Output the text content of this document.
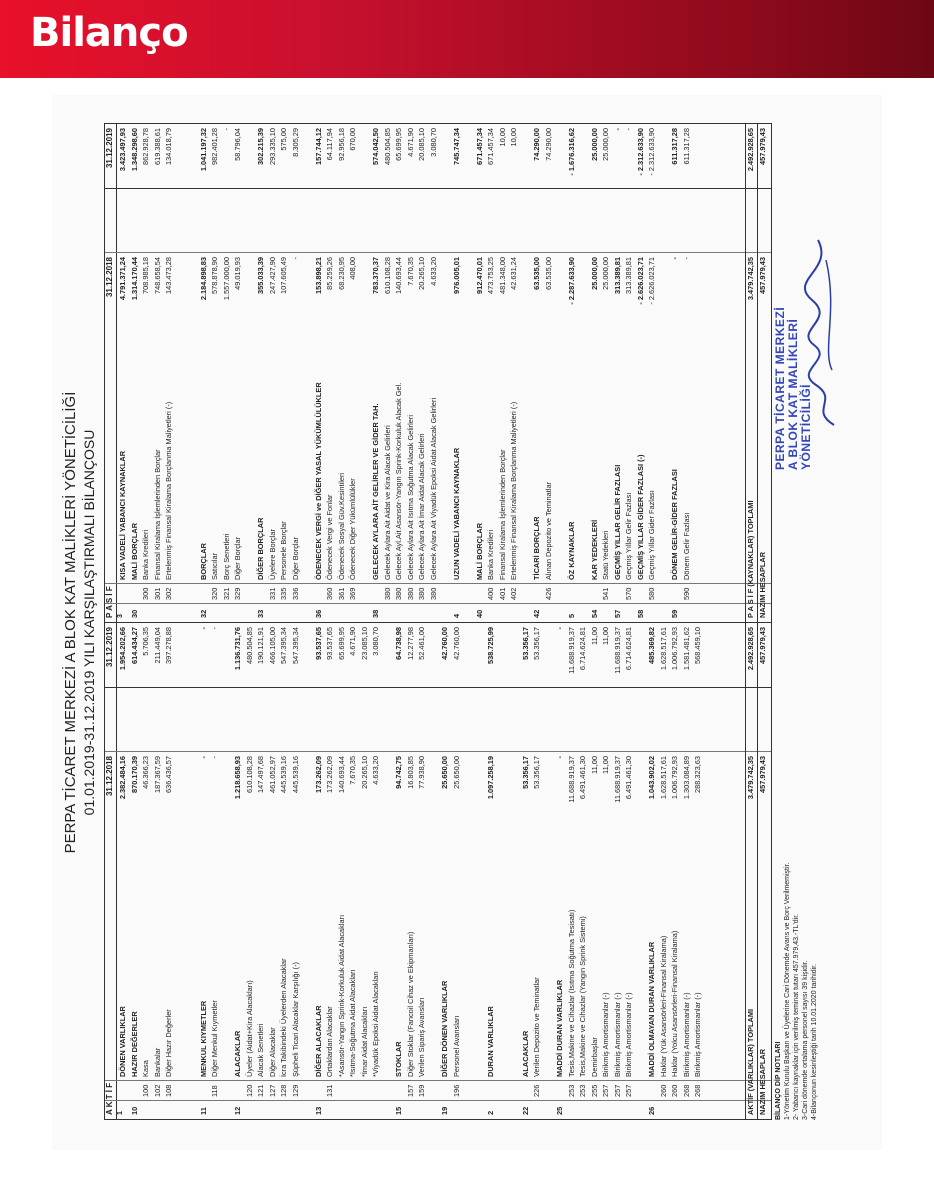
Bilanço
PERPA TİCARET MERKEZİ A BLOK KAT MALİKLERİ YÖNETİCİLİĞİ 01.01.2019-31.12.2019 YILI KARŞILAŞTIRMALI BİLANÇOSU
A K T İ F 1
31.12.2018
31.12.2019
DÖNEN VARLIKLAR
2.382.484,16
1.954.202,66
10
HAZIR DEĞERLER
870.170,39
614.434,27
100
Kasa
46.366,23
5.706,35
102
Bankalar
187.367,59
211.449,04
108
Diğer Hazır Değerler
636.436,57
397.278,88
11
MENKUL KIYMETLER
-
-
118
Diğer Menkul Kıymetler
-
-
12
ALACAKLAR
1.218.658,93
1.136.731,76
120
Üyeler (Aidat+Kira Alacakları)
610.108,28
480.504,85
121
Alacak Senetleri
147.497,68
190.121,91
127
Diğer Alacaklar
461.052,97
466.105,00
128
İcra Takibindeki Üyelerden Alacaklar
445.539,16
547.395,34
129
Şüpheli Ticari Alacaklar Karşılığı (-)
445.539,16
547.395,34
13
DİĞER ALACAKLAR
173.262,09
93.537,65
131
Ortaklardan Alacaklar
173.262,09
93.537,65
*Asansör-Yangın Sprink-Korkuluk Aidat Alacakları
140.693,44
65.699,95
*Isıtma-Soğutma Aidat Alacakları
7.670,35
4.671,90
*İmar Aidat Alacakları
20.265,10
23.085,10
*Viyadük Epoksi Aidat Alacakları
4.633,20
3.080,70
15
STOKLAR
94.742,75
64.738,98
157
Diğer Stoklar (Fancoil Cihaz ve Ekipmanları)
16.803,85
12.277,98
159
Verilen Sipariş Avansları
77.938,90
52.461,00
19
DİĞER DÖNEN VARLIKLAR
25.650,00
42.760,00
196
Personel Avansları
25.650,00
42.760,00
2
DURAN VARLIKLAR
1.097.258,19
538.725,99
22
ALACAKLAR
53.356,17
53.356,17
226
Verilen Depozito ve Teminatlar
53.356,17
53.356,17
25
MADDİ DURAN VARLIKLAR
-
-
253
Tesis,Makine ve Cihazlar (Isıtma Soğutma Tesisatı)
11.688.919,37
11.688.919,37
253
Tesis,Makine ve Cihazlar (Yangın Sprink Sistemi)
6.491.461,30
6.714.624,81
255
Demirbaşlar
11,00
11,00
257
Birikmiş Amortismanlar (-)
11,00
11,00
257
Birikmiş Amortismanlar (-)
11.688.919,37
11.688.919,37
257
Birikmiş Amortismanlar (-)
6.491.461,30
6.714.624,81
26
MADDİ OLMAYAN DURAN VARLIKLAR
1.043.902,02
485.369,82
260
Haklar (Yük Asansörleri-Finansal Kiralama)
1.628.517,61
1.628.517,61
260
Haklar (Yolcu Asansörleri-Finansal Kiralama)
1.006.792,93
1.006.792,93
268
Birikmiş Amortismanlar (-)
1.303.084,89
1.581.481,62
268
Birikmiş Amortismanlar (-)
288.323,63
568.459,10
AKTİF (VARLIKLAR) TOPLAMI
3.479.742,35
2.492.928,65
NAZIM HESAPLAR
457.979,43
457.979,43
P A S İ F 3
31.12.2018
31.12.2019
KISA VADELİ YABANCI KAYNAKLAR
4.791.371,24
3.423.497,93
30
MALİ BORÇLAR
1.314.170,44
1.348.298,60
300
Banka Kredileri
708.985,18
862.928,78
301
Finansal Kiralama İşlemlerinden Borçlar
748.658,54
619.388,61
302
Ertelenmiş Finansal Kiralama Borçlanma Maliyetleri (-)
143.473,28
134.018,79
32
BORÇLAR
2.184.898,83
1.041.197,32
320
Satıcılar
578.878,90
982.401,28
321
Borç Senetleri
1.557.000,00
-
329
Diğer Borçlar
49.019,93
58.796,04
33
DİĞER BORÇLAR
355.033,39
302.215,39
331
Üyelere Borçlar
247.427,90
293.335,10
335
Personele Borçlar
107.605,49
575,00
336
Diğer Borçlar
-
8.305,29
36
ÖDENECEK VERGİ ve DİĞER YASAL YÜKÜMLÜLÜKLER
153.898,21
157.744,12
360
Ödenecek Vergi ve Fonlar
85.259,26
64.117,94
361
Ödenecek Sosyal Güv.Kesintileri
68.230,95
92.956,18
369
Ödenecek Diğer Yükümlülükler
408,00
670,00
38
GELECEK AYLARA AİT GELİRLER VE GİDER TAH.
783.370,37
574.042,50
380
Gelecek Aylara Ait Aidat ve Kira Alacak Gelirleri
610.108,28
480.504,85
380
Gelecek Ayl.Ait Asansör-Yangın Sprink-Korkuluk Alacak Gel.
140.693,44
65.699,95
380
Gelecek Aylara Ait Isıtma Soğutma Alacak Gelirleri
7.670,35
4.671,90
380
Gelecek Aylara Ait İmar Aidat Alacak Gelirleri
20.265,10
20.085,10
380
Gelecek Aylara Ait Viyadük Epoksi Aidat Alacak Gelirleri
4.633,20
3.080,70
4
UZUN VADELİ YABANCI KAYNAKLAR
976.005,01
745.747,34
40
MALİ BORÇLAR
912.470,01
671.457,34
400
Banka Kredileri
473.753,25
671.457,34
401
Finansal Kiralama İşlemlerinden Borçlar
481.348,00
10,00
402
Ertelenmiş Finansal Kiralama Borçlanma Maliyetleri (-)
42.631,24
10,00
42
TİCARİ BORÇLAR
63.535,00
74.290,00
426
Alınan Depozito ve Teminatlar
63.535,00
74.290,00
5
ÖZ KAYNAKLAR
- 2.287.633,90
- 1.676.316,62
54
KAR YEDEKLERİ
25.000,00
25.000,00
541
Statü Yedekleri
25.000,00
25.000,00
57
GEÇMİŞ YILLAR GELİR FAZLASI
313.389,81
-
570
Geçmiş Yıllar Gelir Fazlası
313.389,81
-
58
GEÇMİŞ YILLAR GİDER FAZLASI (-)
- 2.626.023,71
- 2.312.633,90
580
Geçmiş Yıllar Gider Fazlası
- 2.626.023,71
- 2.312.633,90
59
DÖNEM GELİR-GİDER FAZLASI
-
611.317,28
590
Dönem Gelir Fazlası
-
611.317,28
P A S İ F (KAYNAKLAR) TOPLAMI
3.479.742,35
2.492.928,65
NAZIM HESAPLAR
457.979,43
457.979,43
BİLANÇO DİP NOTLARI 1-Yönetim Kurulu Başkan ve Üyelerine Cari Dönemde Avans ve Borç Verilmemiştir. 2- Yabancı kaynaklar için verilmiş teminat tutarı 457.979,43.-TL'dir. 3-Cari dönemde ortalama personel sayısı 39 kişidir. 4-Bilançonun kesinleştiği tarih 10.01.2020 tarihidir.
PERPA TİCARET MERKEZİ A BLOK KAT MALİKLERİ YÖNETİCİLİĞİ
